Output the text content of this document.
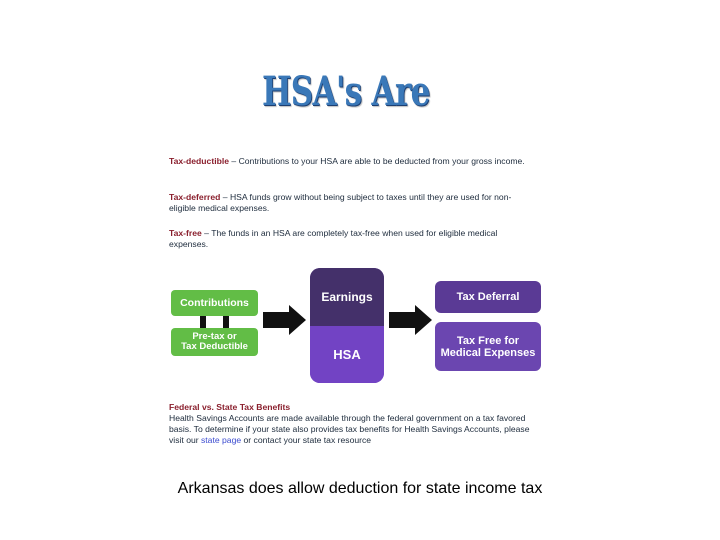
HSA's Are
Tax-deductible – Contributions to your HSA are able to be deducted from your gross income.
Tax-deferred – HSA funds grow without being subject to taxes until they are used for non-eligible medical expenses.
Tax-free – The funds in an HSA are completely tax-free when used for eligible medical expenses.
Contributions
Pre-tax or
Tax Deductible
Earnings
HSA
Tax Deferral
Tax Free for
Medical Expenses
Federal vs. State Tax Benefits
Health Savings Accounts are made available through the federal government on a tax favored basis. To determine if your state also provides tax benefits for Health Savings Accounts, please visit our state page or contact your state tax resource
Arkansas does allow deduction for state income tax
